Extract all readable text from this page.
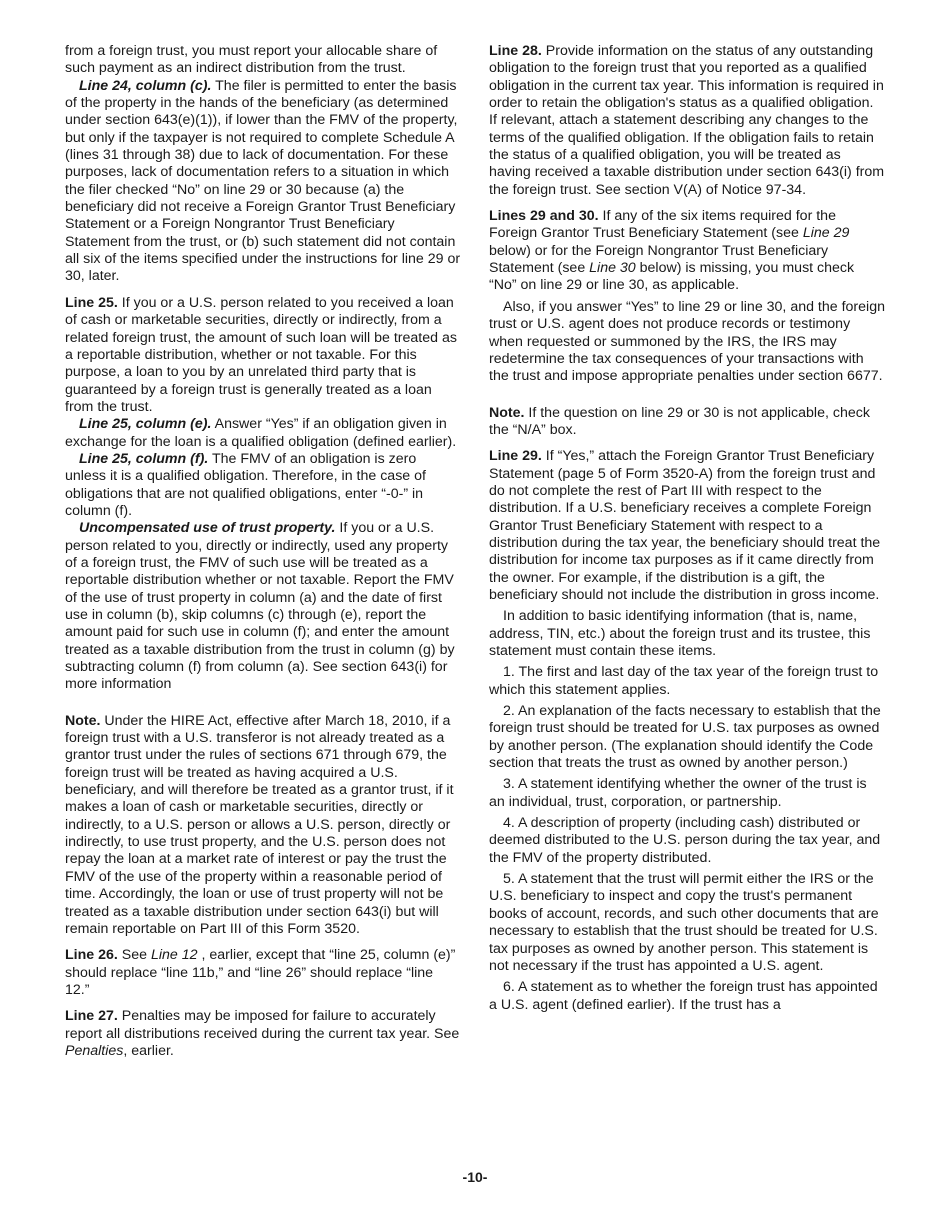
from a foreign trust, you must report your allocable share of such payment as an indirect distribution from the trust.

Line 24, column (c). The filer is permitted to enter the basis of the property in the hands of the beneficiary (as determined under section 643(e)(1)), if lower than the FMV of the property, but only if the taxpayer is not required to complete Schedule A (lines 31 through 38) due to lack of documentation. For these purposes, lack of documentation refers to a situation in which the filer checked “No” on line 29 or 30 because (a) the beneficiary did not receive a Foreign Grantor Trust Beneficiary Statement or a Foreign Nongrantor Trust Beneficiary Statement from the trust, or (b) such statement did not contain all six of the items specified under the instructions for line 29 or 30, later.

Line 25. If you or a U.S. person related to you received a loan of cash or marketable securities, directly or indirectly, from a related foreign trust, the amount of such loan will be treated as a reportable distribution, whether or not taxable. For this purpose, a loan to you by an unrelated third party that is guaranteed by a foreign trust is generally treated as a loan from the trust.

Line 25, column (e). Answer “Yes” if an obligation given in exchange for the loan is a qualified obligation (defined earlier).

Line 25, column (f). The FMV of an obligation is zero unless it is a qualified obligation. Therefore, in the case of obligations that are not qualified obligations, enter “-0-” in column (f).

Uncompensated use of trust property. If you or a U.S. person related to you, directly or indirectly, used any property of a foreign trust, the FMV of such use will be treated as a reportable distribution whether or not taxable. Report the FMV of the use of trust property in column (a) and the date of first use in column (b), skip columns (c) through (e), report the amount paid for such use in column (f); and enter the amount treated as a taxable distribution from the trust in column (g) by subtracting column (f) from column (a). See section 643(i) for more information

Note. Under the HIRE Act, effective after March 18, 2010, if a foreign trust with a U.S. transferor is not already treated as a grantor trust under the rules of sections 671 through 679, the foreign trust will be treated as having acquired a U.S. beneficiary, and will therefore be treated as a grantor trust, if it makes a loan of cash or marketable securities, directly or indirectly, to a U.S. person or allows a U.S. person, directly or indirectly, to use trust property, and the U.S. person does not repay the loan at a market rate of interest or pay the trust the FMV of the use of the property within a reasonable period of time. Accordingly, the loan or use of trust property will not be treated as a taxable distribution under section 643(i) but will remain reportable on Part III of this Form 3520.

Line 26. See Line 12 , earlier, except that “line 25, column (e)” should replace “line 11b,” and “line 26” should replace “line 12.”

Line 27. Penalties may be imposed for failure to accurately report all distributions received during the current tax year. See Penalties, earlier.

Line 28. Provide information on the status of any outstanding obligation to the foreign trust that you reported as a qualified obligation in the current tax year. This information is required in order to retain the obligation's status as a qualified obligation. If relevant, attach a statement describing any changes to the terms of the qualified obligation. If the obligation fails to retain the status of a qualified obligation, you will be treated as having received a taxable distribution under section 643(i) from the foreign trust. See section V(A) of Notice 97-34.

Lines 29 and 30. If any of the six items required for the Foreign Grantor Trust Beneficiary Statement (see Line 29 below) or for the Foreign Nongrantor Trust Beneficiary Statement (see Line 30 below) is missing, you must check “No” on line 29 or line 30, as applicable.

Also, if you answer “Yes” to line 29 or line 30, and the foreign trust or U.S. agent does not produce records or testimony when requested or summoned by the IRS, the IRS may redetermine the tax consequences of your transactions with the trust and impose appropriate penalties under section 6677.

Note. If the question on line 29 or 30 is not applicable, check the “N/A” box.

Line 29. If “Yes,” attach the Foreign Grantor Trust Beneficiary Statement (page 5 of Form 3520-A) from the foreign trust and do not complete the rest of Part III with respect to the distribution. If a U.S. beneficiary receives a complete Foreign Grantor Trust Beneficiary Statement with respect to a distribution during the tax year, the beneficiary should treat the distribution for income tax purposes as if it came directly from the owner. For example, if the distribution is a gift, the beneficiary should not include the distribution in gross income.

In addition to basic identifying information (that is, name, address, TIN, etc.) about the foreign trust and its trustee, this statement must contain these items.

1. The first and last day of the tax year of the foreign trust to which this statement applies.

2. An explanation of the facts necessary to establish that the foreign trust should be treated for U.S. tax purposes as owned by another person. (The explanation should identify the Code section that treats the trust as owned by another person.)

3. A statement identifying whether the owner of the trust is an individual, trust, corporation, or partnership.

4. A description of property (including cash) distributed or deemed distributed to the U.S. person during the tax year, and the FMV of the property distributed.

5. A statement that the trust will permit either the IRS or the U.S. beneficiary to inspect and copy the trust's permanent books of account, records, and such other documents that are necessary to establish that the trust should be treated for U.S. tax purposes as owned by another person. This statement is not necessary if the trust has appointed a U.S. agent.

6. A statement as to whether the foreign trust has appointed a U.S. agent (defined earlier). If the trust has a

-10-
